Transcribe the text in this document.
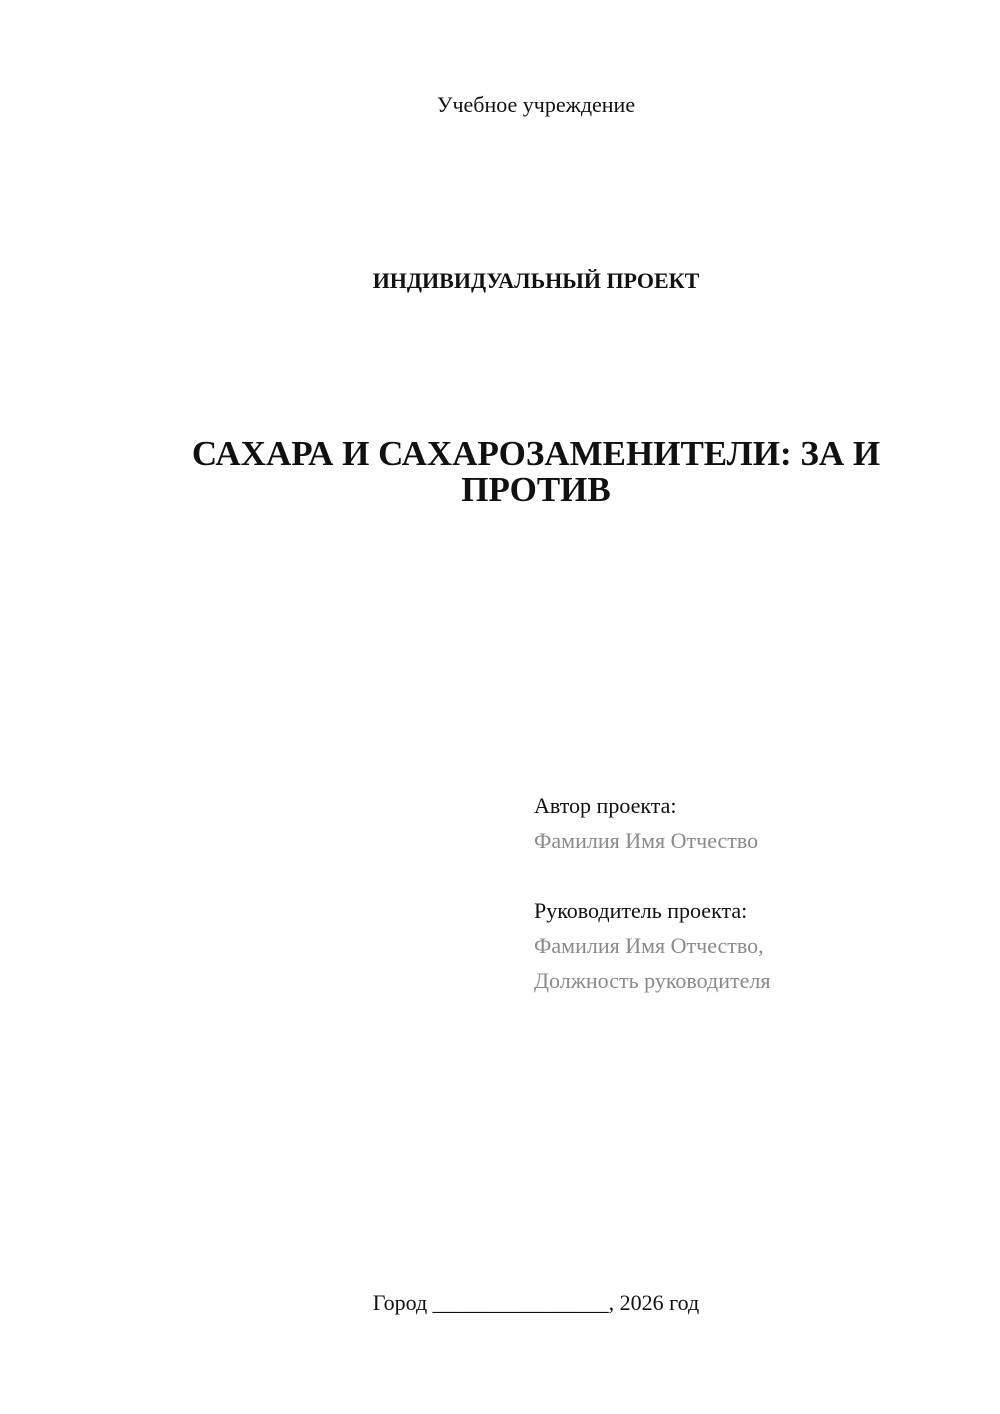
Учебное учреждение
ИНДИВИДУАЛЬНЫЙ ПРОЕКТ
САХАРА И САХАРОЗАМЕНИТЕЛИ: ЗА И ПРОТИВ
Автор проекта:
Фамилия Имя Отчество
Руководитель проекта:
Фамилия Имя Отчество,
Должность руководителя
Город ________________, 2026 год
